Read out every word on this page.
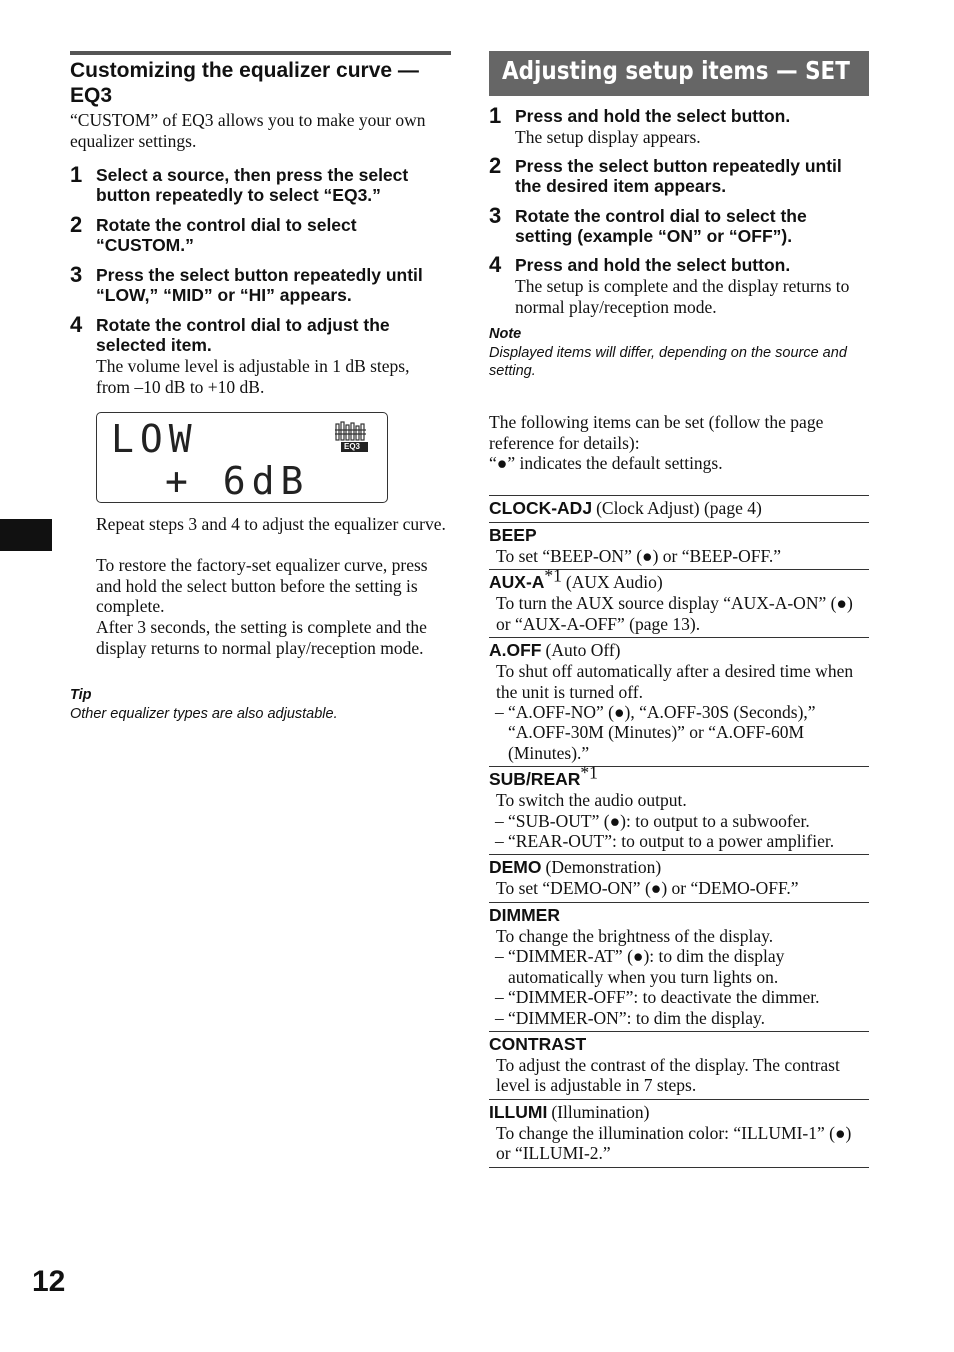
Customizing the equalizer curve — EQ3
“CUSTOM” of EQ3 allows you to make your own equalizer settings.
1 Select a source, then press the select button repeatedly to select “EQ3.”
2 Rotate the control dial to select “CUSTOM.”
3 Press the select button repeatedly until “LOW,” “MID” or “HI” appears.
4 Rotate the control dial to adjust the selected item.
The volume level is adjustable in 1 dB steps, from –10 dB to +10 dB.
LOW
+ 6dB
EQ3
Repeat steps 3 and 4 to adjust the equalizer curve.
To restore the factory-set equalizer curve, press and hold the select button before the setting is complete.
After 3 seconds, the setting is complete and the display returns to normal play/reception mode.
Tip
Other equalizer types are also adjustable.
Adjusting setup items — SET
1 Press and hold the select button.
The setup display appears.
2 Press the select button repeatedly until the desired item appears.
3 Rotate the control dial to select the setting (example “ON” or “OFF”).
4 Press and hold the select button.
The setup is complete and the display returns to normal play/reception mode.
Note
Displayed items will differ, depending on the source and setting.
The following items can be set (follow the page reference for details):
“●” indicates the default settings.
CLOCK-ADJ (Clock Adjust) (page 4)
BEEP
To set “BEEP-ON” (●) or “BEEP-OFF.”
AUX-$A^{*1}$ (AUX Audio)
To turn the AUX source display “AUX-A-ON” (●) or “AUX-A-OFF” (page 13).
A.OFF (Auto Off)
To shut off automatically after a desired time when the unit is turned off.
– “A.OFF-NO” (●), “A.OFF-30S (Seconds),” “A.OFF-30M (Minutes)” or “A.OFF-60M (Minutes).”
SUB/REAR$^{*1}$
To switch the audio output.
– “SUB-OUT” (●): to output to a subwoofer.
– “REAR-OUT”: to output to a power amplifier.
DEMO (Demonstration)
To set “DEMO-ON” (●) or “DEMO-OFF.”
DIMMER
To change the brightness of the display.
– “DIMMER-AT” (●): to dim the display automatically when you turn lights on.
– “DIMMER-OFF”: to deactivate the dimmer.
– “DIMMER-ON”: to dim the display.
CONTRAST
To adjust the contrast of the display. The contrast level is adjustable in 7 steps.
ILLUMI (Illumination)
To change the illumination color: “ILLUMI-1” (●) or “ILLUMI-2.”
12
